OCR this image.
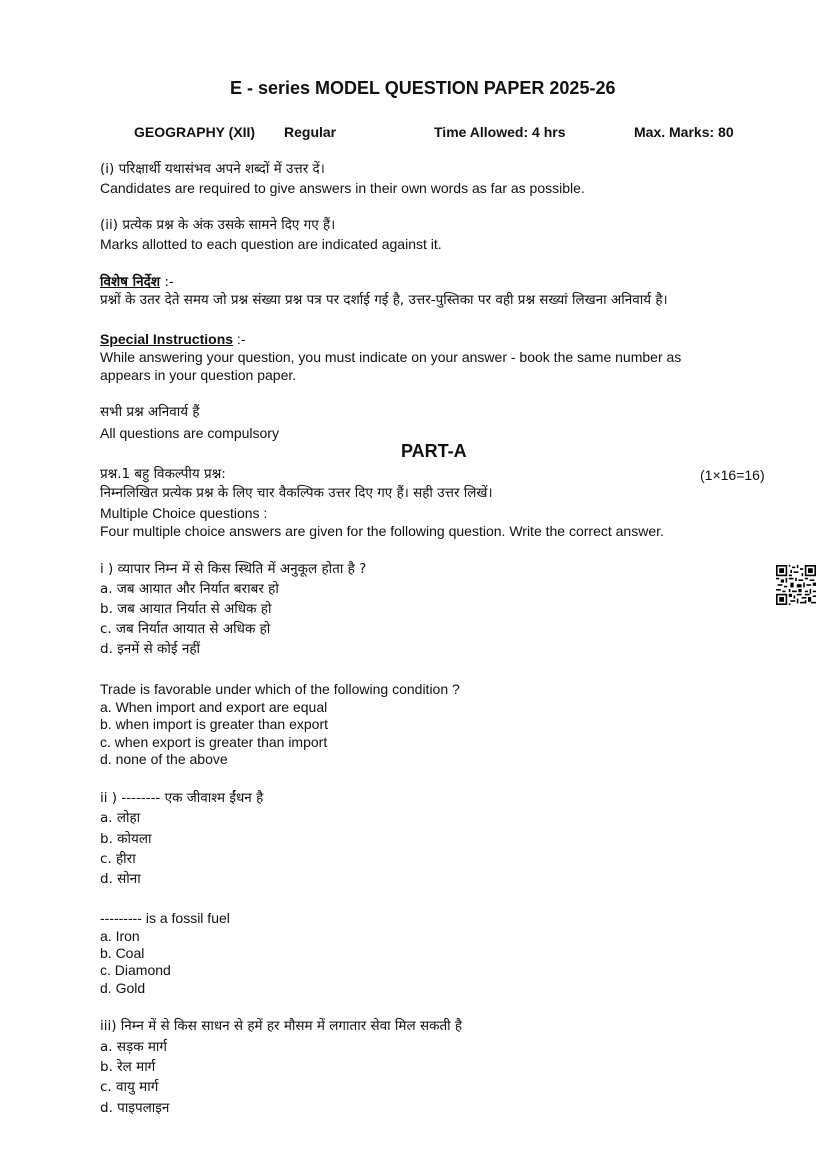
E - series MODEL QUESTION PAPER 2025-26
GEOGRAPHY (XII) Regular	Time Allowed: 4 hrs	Max. Marks: 80
(i) परिक्षार्थी यथासंभव अपने शब्दों में उत्तर दें।
Candidates are required to give answers in their own words as far as possible.
(ii) प्रत्येक प्रश्न के अंक उसके सामने दिए गए हैं।
Marks allotted to each question are indicated against it.
विशेष निर्देश :-
प्रश्नों के उतर देते समय जो प्रश्न संख्या प्रश्न पत्र पर दर्शाई गई है, उत्तर-पुस्तिका पर वही प्रश्न सख्यां लिखना अनिवार्य है।
Special Instructions :-
While answering your question, you must indicate on your answer - book the same number as
appears in your question paper.
सभी प्रश्न अनिवार्य हैं
All questions are compulsory
PART-A
प्रश्न.1 बहु विकल्पीय प्रश्न:	(1×16=16)
निम्नलिखित प्रत्येक प्रश्न के लिए चार वैकल्पिक उत्तर दिए गए हैं। सही उत्तर लिखें।
Multiple Choice questions :
Four multiple choice answers are given for the following question. Write the correct answer.
i ) व्यापार निम्न में से किस स्थिति में अनुकूल होता है ?
a. जब आयात और निर्यात बराबर हो
b. जब आयात निर्यात से अधिक हो
c. जब निर्यात आयात से अधिक हो
d. इनमें से कोई नहीं
Trade is favorable under which of the following condition ?
a. When import and export are equal
b. when import is greater than export
c. when export is greater than import
d. none of the above
ii ) -------- एक जीवाश्म ईंधन है
a. लोहा
b. कोयला
c. हीरा
d. सोना
--------- is a fossil fuel
a. Iron
b. Coal
c. Diamond
d. Gold
iii) निम्न में से किस साधन से हमें हर मौसम में लगातार सेवा मिल सकती है
a. सड़क मार्ग
b. रेल मार्ग
c. वायु मार्ग
d. पाइपलाइन
